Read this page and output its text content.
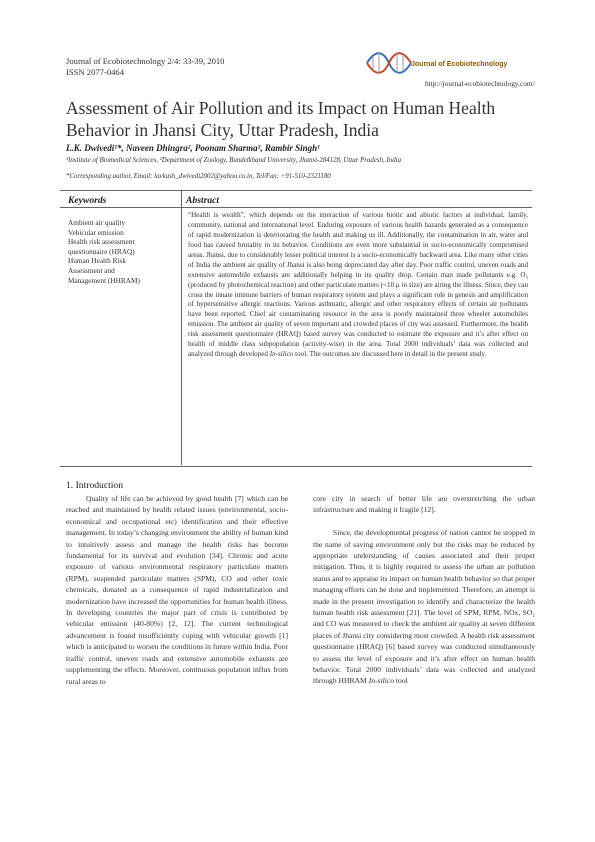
Journal of Ecobiotechnology 2/4: 33-39, 2010
ISSN 2077-0464
Journal of Ecobiotechnology
http://journal-ecobiotechnology.com/
Assessment of Air Pollution and its Impact on Human Health Behavior in Jhansi City, Uttar Pradesh, India
L.K. Dwivedi¹*, Naveen Dhingra², Poonam Sharma², Rambir Singh¹
¹Institute of Biomedical Sciences, ²Department of Zoology, Bundelkhand University, Jhansi-284128, Uttar Pradesh, India
*Corresponding author, Email: lavkush_dwivedi2002@yahoo.co.in, Tel/Fax: +91-510-2321180
Keywords	Abstract
Ambient air quality
Vehicular emission
Health risk assessment
questionnaire (HRAQ)
Human Health Risk
Assessment and
Management (HHRAM)
“Health is wealth”, which depends on the interaction of various biotic and abiotic factors at individual, family, community, national and international level. Enduring exposure of various health hazards generated as a consequence of rapid modernization is deteriorating the health and making us ill. Additionally, the contamination in air, water and food has caused brutality in its behavior. Conditions are even more substantial in socio-economically compromised areas. Jhansi, due to considerably lesser political interest is a socio-economically backward area. Like many other cities of India the ambient air quality of Jhansi is also being depreciated day after day. Poor traffic control, uneven roads and extensive automobile exhausts are additionally helping in its quality drop. Certain man made pollutants e.g. O₃ (produced by photochemical reaction) and other particulate matters (<10 μ in size) are airing the illness. Since, they can cross the innate immune barriers of human respiratory system and plays a significant role in genesis and amplification of hypersensitive allergic reactions. Various asthmatic, allergic and other respiratory effects of certain air pollutants have been reported. Chief air contaminating resource in the area is poorly maintained three wheeler automobiles emission. The ambient air quality of seven important and crowded places of city was assessed. Furthermore, the health risk assessment questionnaire (HRAQ) based survey was conducted to estimate the exposure and it’s after effect on health of middle class subpopulation (activity-wise) in the area. Total 2000 individuals’ data was collected and analyzed through developed In-silico tool. The outcomes are discussed here in detail in the present study.
1. Introduction

Quality of life can be achieved by good health [7] which can be reached and maintained by health related issues (environmental, socio-economical and occupational etc) identification and their effective management. In today’s changing environment the ability of human kind to intuitively assess and manage the health risks has become fundamental for its survival and evolution [34]. Chronic and acute exposure of various environmental respiratory particulate matters (RPM), suspended particulate matters (SPM), CO and other toxic chemicals, donated as a consequence of rapid industrialization and modernization have increased the opportunities for human health illness. In developing countries the major part of crisis is contributed by vehicular emission (40-80%) [2, 12]. The current technological advancement is found insufficiently coping with vehicular growth [1] which is anticipated to worsen the conditions in future within India. Poor traffic control, uneven roads and extensive automobile exhausts are supplementing the effects. Moreover, continuous population influx from rural areas to

core city in search of better life are overstretching the urban infrastructure and making it fragile [12].

Since, the developmental progress of nation cannot be stopped in the name of saving environment only but the risks may be reduced by appropriate understanding of causes associated and their proper mitigation. Thus, it is highly required to assess the urban air pollution status and to appraise its impact on human health behavior so that proper managing efforts can be done and implemented. Therefore, an attempt is made in the present investigation to identify and characterize the health human health risk assessment [21]. The level of SPM, RPM, NOx, SO₂ and CO was measured to check the ambient air quality at seven different places of Jhansi city considering most crowded. A health risk assessment questionnaire (HRAQ) [6] based survey was conducted simultaneously to assess the level of exposure and it’s after effect on human health behavior. Total 2000 individuals’ data was collected and analyzed through HHRAM In-silico tool
